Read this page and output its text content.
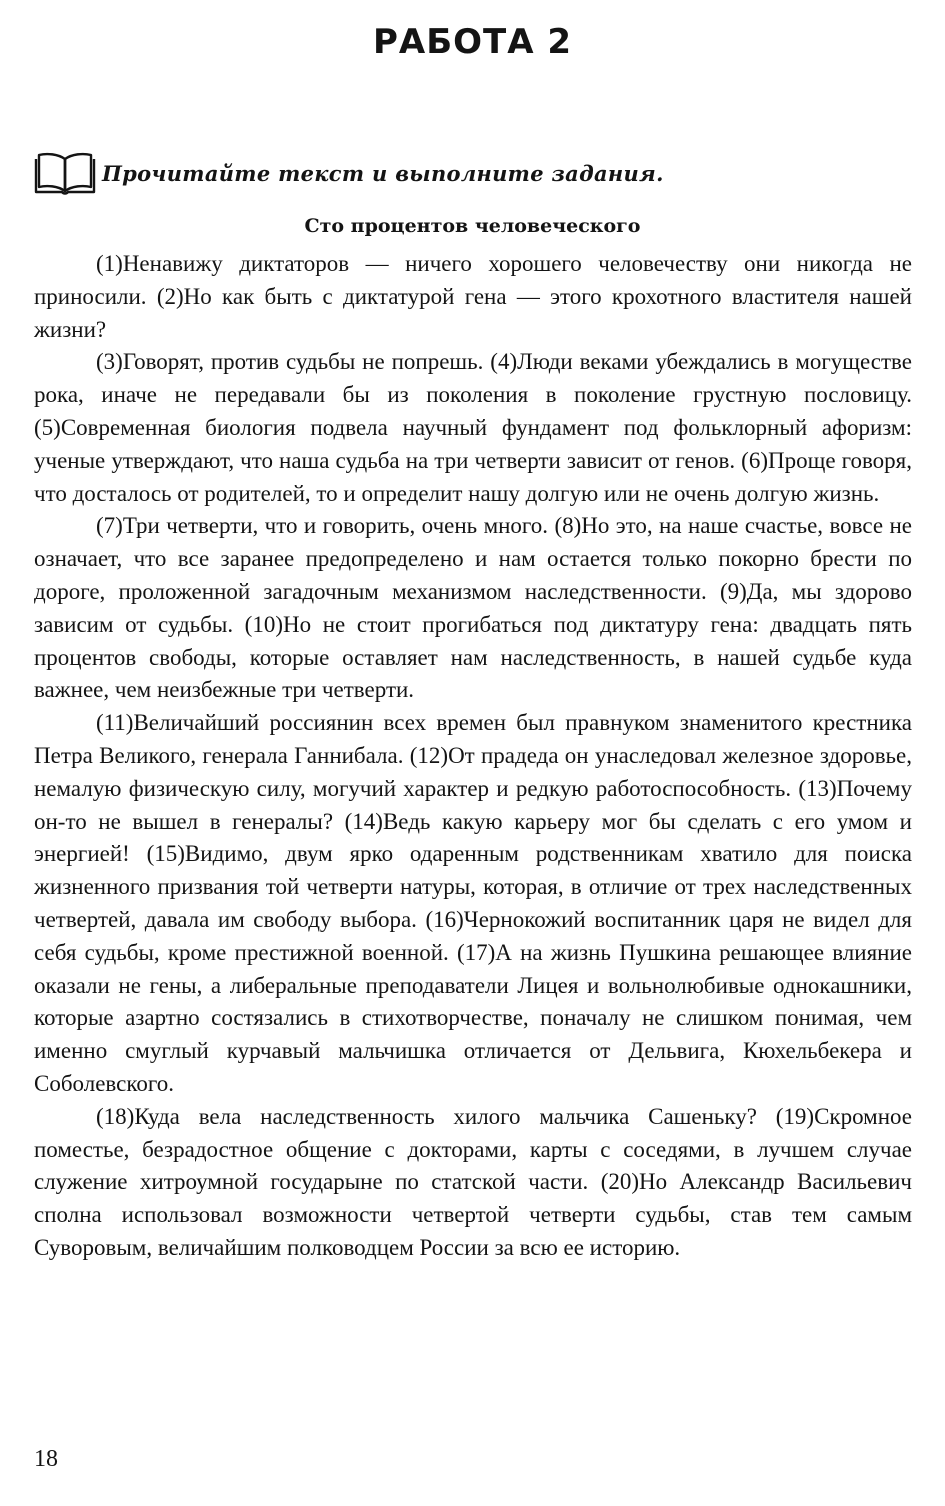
РАБОТА 2
Прочитайте текст и выполните задания.
Сто процентов человеческого

(1)Ненавижу диктаторов — ничего хорошего человечеству они никогда не приносили. (2)Но как быть с диктатурой гена — этого крохотного властителя нашей жизни?

(3)Говорят, против судьбы не попрешь. (4)Люди веками убеждались в могуществе рока, иначе не передавали бы из поколения в поколение грустную пословицу. (5)Современная биология подвела научный фундамент под фольклорный афоризм: ученые утверждают, что наша судьба на три четверти зависит от генов. (6)Проще говоря, что досталось от родителей, то и определит нашу долгую или не очень долгую жизнь.

(7)Три четверти, что и говорить, очень много. (8)Но это, на наше счастье, вовсе не означает, что все заранее предопределено и нам остается только покорно брести по дороге, проложенной загадочным механизмом наследственности. (9)Да, мы здорово зависим от судьбы. (10)Но не стоит прогибаться под диктатуру гена: двадцать пять процентов свободы, которые оставляет нам наследственность, в нашей судьбе куда важнее, чем неизбежные три четверти.

(11)Величайший россиянин всех времен был правнуком знаменитого крестника Петра Великого, генерала Ганнибала. (12)От прадеда он унаследовал железное здоровье, немалую физическую силу, могучий характер и редкую работоспособность. (13)Почему он-то не вышел в генералы? (14)Ведь какую карьеру мог бы сделать с его умом и энергией! (15)Видимо, двум ярко одаренным родственникам хватило для поиска жизненного призвания той четверти натуры, которая, в отличие от трех наследственных четвертей, давала им свободу выбора. (16)Чернокожий воспитанник царя не видел для себя судьбы, кроме престижной военной. (17)А на жизнь Пушкина решающее влияние оказали не гены, а либеральные преподаватели Лицея и вольнолюбивые однокашники, которые азартно состязались в стихотворчестве, поначалу не слишком понимая, чем именно смуглый курчавый мальчишка отличается от Дельвига, Кюхельбекера и Соболевского.

(18)Куда вела наследственность хилого мальчика Сашеньку? (19)Скромное поместье, безрадостное общение с докторами, карты с соседями, в лучшем случае служение хитроумной государыне по статской части. (20)Но Александр Васильевич сполна использовал возможности четвертой четверти судьбы, став тем самым Суворовым, величайшим полководцем России за всю ее историю.

18
